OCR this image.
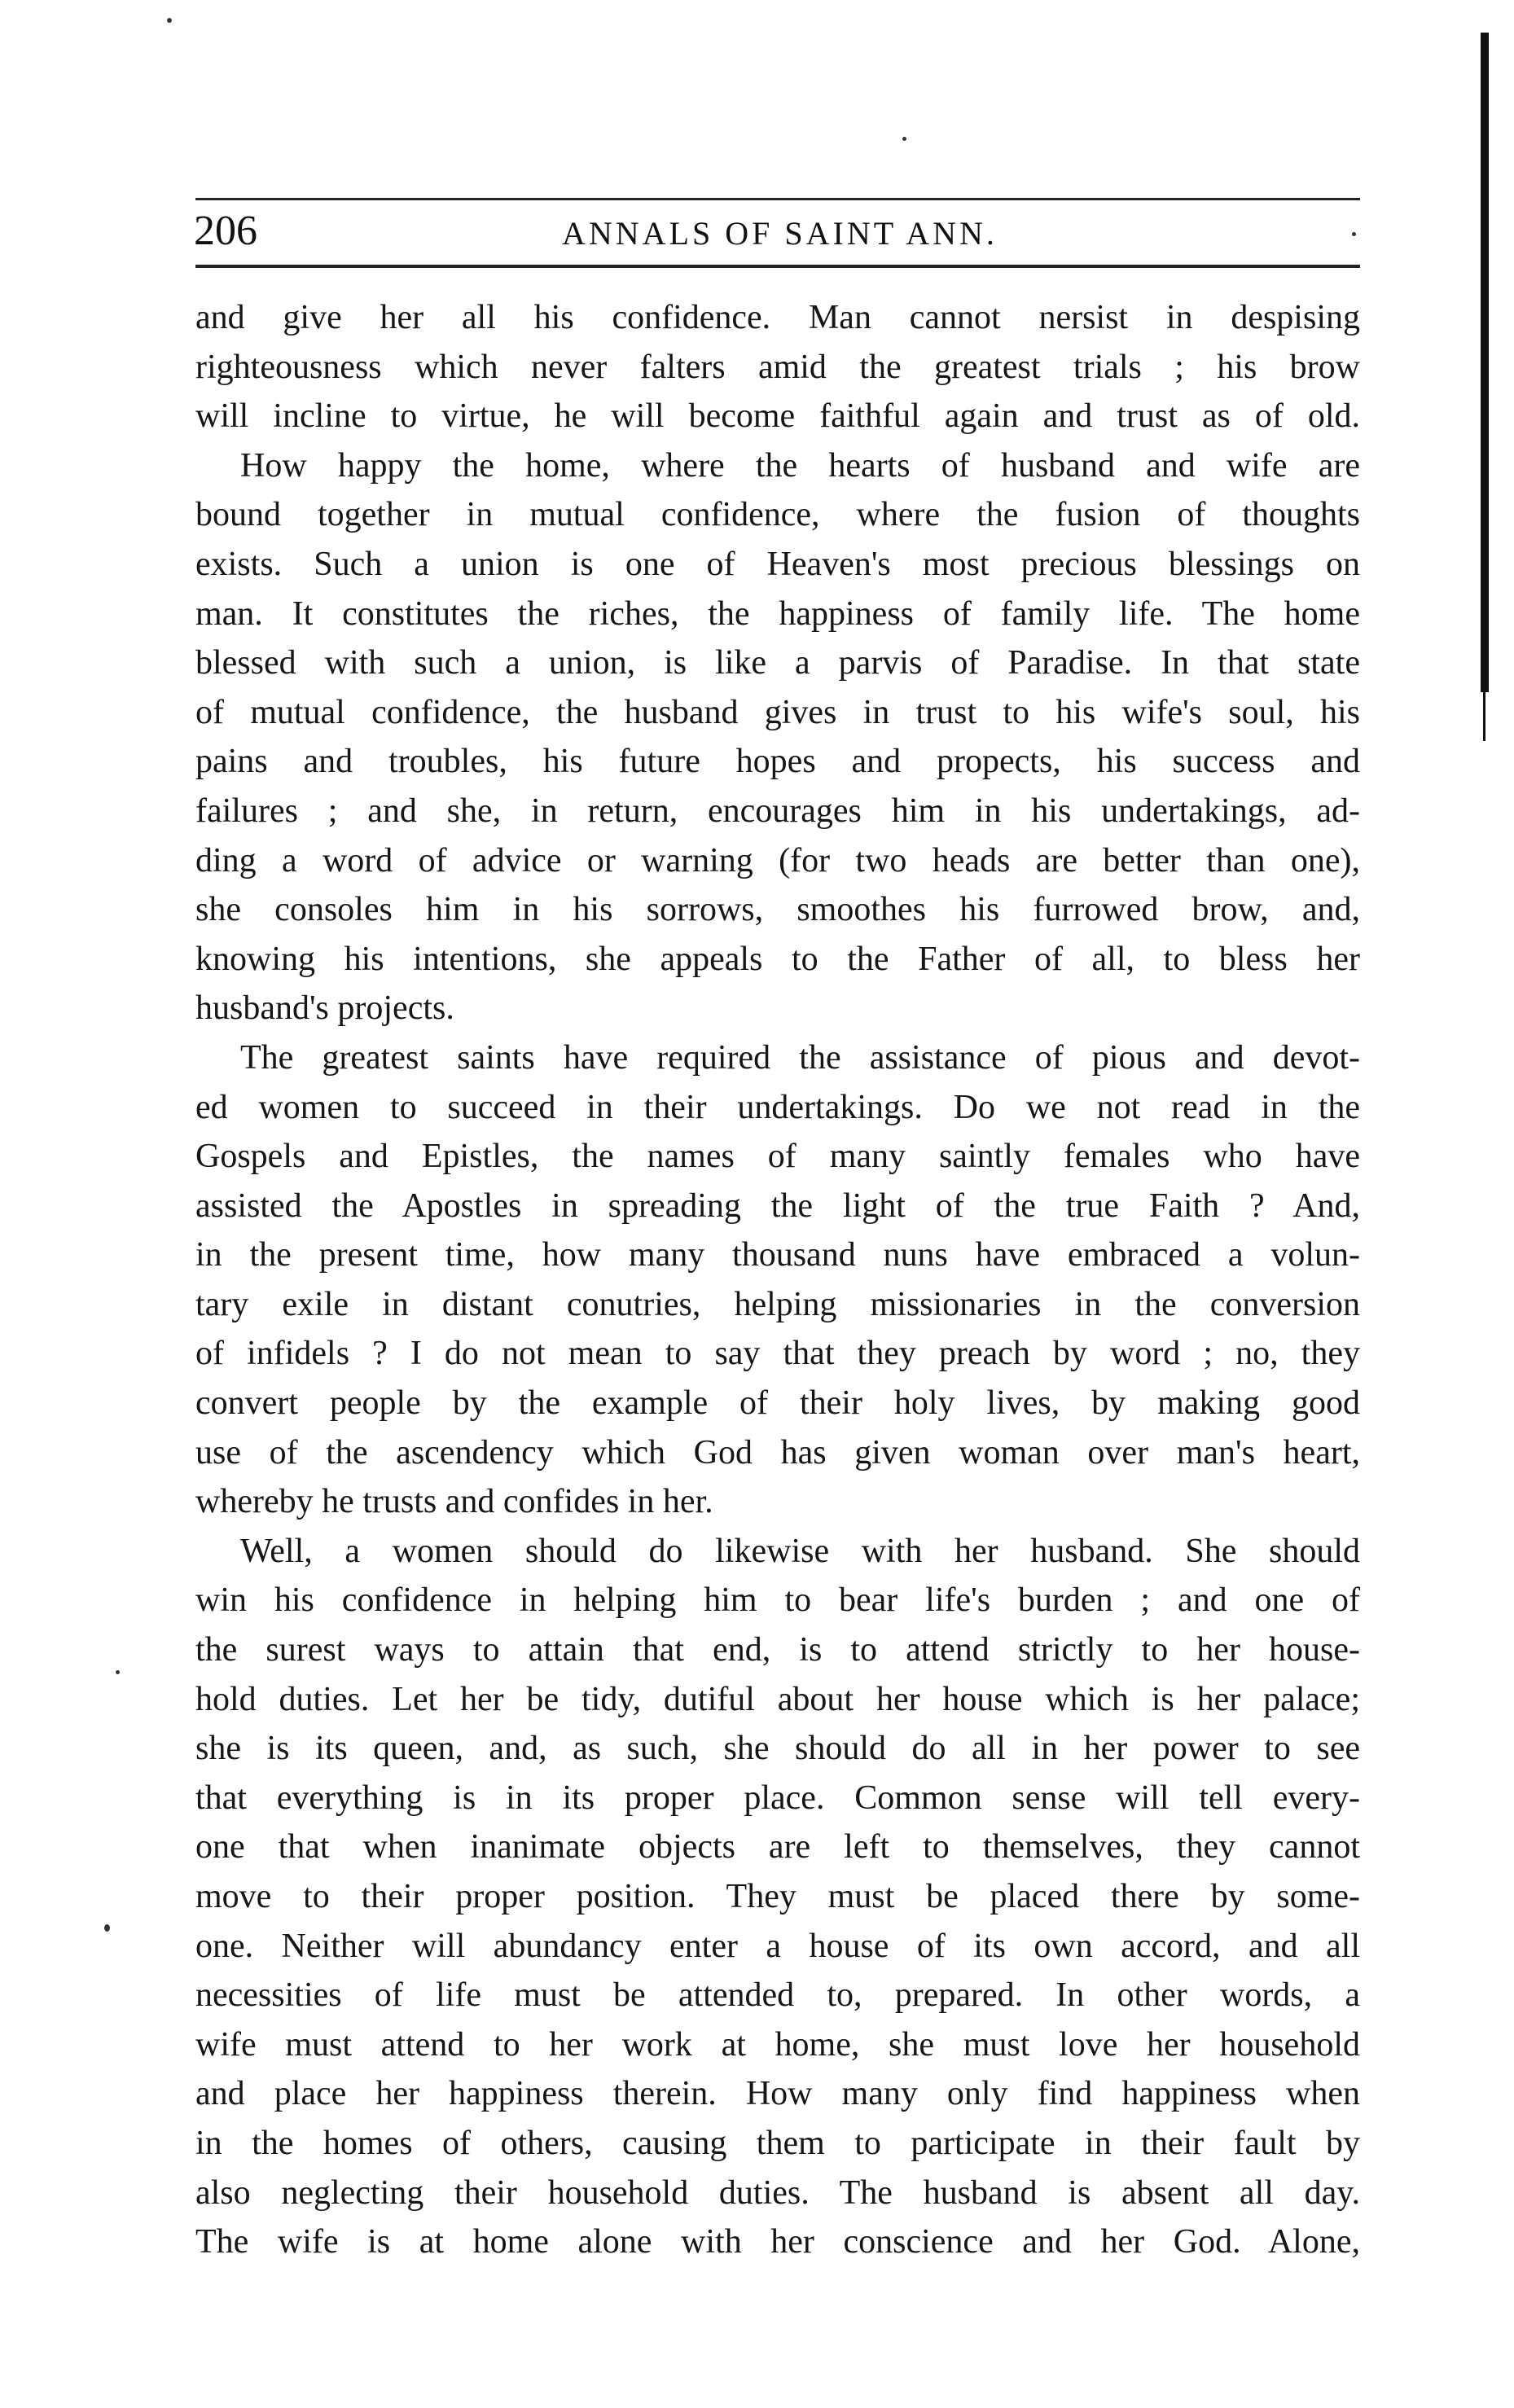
206	ANNALS OF SAINT ANN.
and give her all his confidence. Man cannot nersist in despising
righteousness which never falters amid the greatest trials ; his brow
will incline to virtue, he will become faithful again and trust as of old.
How happy the home, where the hearts of husband and wife are
bound together in mutual confidence, where the fusion of thoughts
exists. Such a union is one of Heaven's most precious blessings on
man. It constitutes the riches, the happiness of family life. The home
blessed with such a union, is like a parvis of Paradise. In that state
of mutual confidence, the husband gives in trust to his wife's soul, his
pains and troubles, his future hopes and propects, his success and
failures ; and she, in return, encourages him in his undertakings, ad-
ding a word of advice or warning (for two heads are better than one),
she consoles him in his sorrows, smoothes his furrowed brow, and,
knowing his intentions, she appeals to the Father of all, to bless her
husband's projects.
The greatest saints have required the assistance of pious and devot-
ed women to succeed in their undertakings. Do we not read in the
Gospels and Epistles, the names of many saintly females who have
assisted the Apostles in spreading the light of the true Faith ? And,
in the present time, how many thousand nuns have embraced a volun-
tary exile in distant conutries, helping missionaries in the conversion
of infidels ? I do not mean to say that they preach by word ; no, they
convert people by the example of their holy lives, by making good
use of the ascendency which God has given woman over man's heart,
whereby he trusts and confides in her.
Well, a women should do likewise with her husband. She should
win his confidence in helping him to bear life's burden ; and one of
the surest ways to attain that end, is to attend strictly to her house-
hold duties. Let her be tidy, dutiful about her house which is her palace;
she is its queen, and, as such, she should do all in her power to see
that everything is in its proper place. Common sense will tell every-
one that when inanimate objects are left to themselves, they cannot
move to their proper position. They must be placed there by some-
one. Neither will abundancy enter a house of its own accord, and all
necessities of life must be attended to, prepared. In other words, a
wife must attend to her work at home, she must love her household
and place her happiness therein. How many only find happiness when
in the homes of others, causing them to participate in their fault by
also neglecting their household duties. The husband is absent all day.
The wife is at home alone with her conscience and her God. Alone,
